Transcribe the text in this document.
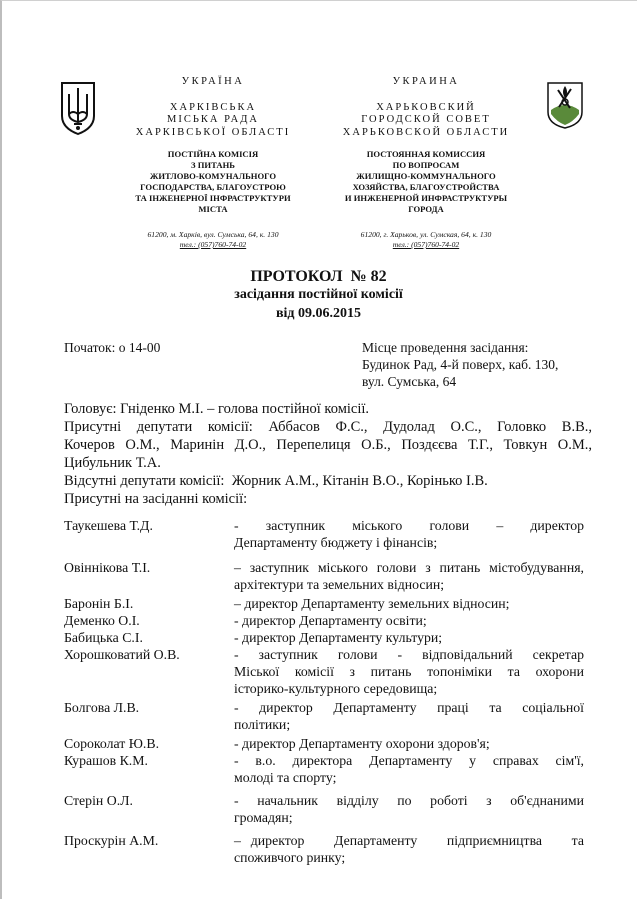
УКРАЇНА
ХАРКІВСЬКА
МІСЬКА РАДА
ХАРКІВСЬКОЇ ОБЛАСТІ
ПОСТІЙНА КОМІСІЯ
З ПИТАНЬ
ЖИТЛОВО-КОМУНАЛЬНОГО
ГОСПОДАРСТВА, БЛАГОУСТРОЮ
ТА ІНЖЕНЕРНОЇ ІНФРАСТРУКТУРИ
МІСТА
61200, м. Харків, вул. Сумська, 64, к. 130
тел.: (057)760-74-02
УКРАИНА
ХАРЬКОВСКИЙ
ГОРОДСКОЙ СОВЕТ
ХАРЬКОВСКОЙ ОБЛАСТИ
ПОСТОЯННАЯ КОМИССИЯ
ПО ВОПРОСАМ
ЖИЛИЩНО-КОММУНАЛЬНОГО
ХОЗЯЙСТВА, БЛАГОУСТРОЙСТВА
И ИНЖЕНЕРНОЙ ИНФРАСТРУКТУРЫ
ГОРОДА
61200, г. Харьков, ул. Сумская, 64, к. 130
тел.: (057)760-74-02
ПРОТОКОЛ  № 82
засідання постійної комісії
від 09.06.2015
Початок: о 14-00	Місце проведення засідання:
Будинок Рад, 4-й поверх, каб. 130,
вул. Сумська, 64
Головує: Гніденко М.І. – голова постійної комісії.
Присутні депутати комісії: Аббасов Ф.С., Дудолад О.С., Головко В.В.,
Кочеров О.М., Маринін Д.О., Перепелиця О.Б., Поздєєва Т.Г., Товкун О.М.,
Цибульник Т.А.
Відсутні депутати комісії:  Жорник А.М., Кітанін В.О., Корінько І.В.
Присутні на засіданні комісії:
Таукешева Т.Д.	-   заступник   міського   голови   –   директор
Департаменту бюджету і фінансів;
Овіннікова Т.І.	– заступник міського голови з питань містобудування,
архітектури та земельних відносин;
Баронін Б.І.	– директор Департаменту земельних відносин;
Деменко О.І.	- директор Департаменту освіти;
Бабицька С.І.	- директор Департаменту культури;
Хорошковатий О.В.	-  заступник  голови  -  відповідальний  секретар
Міської комісії з питань топоніміки та охорони
історико-культурного середовища;
Болгова Л.В.	-   директор   Департаменту   праці   та   соціальної
політики;
Сороколат Ю.В.	- директор Департаменту охорони здоров'я;
Курашов К.М.	- в.о. директора Департаменту у справах сім'ї,
молоді та спорту;
Стерін О.Л.	-  начальник  відділу  по  роботі  з  об'єднаними
громадян;
Проскурін А.М.	– директор   Департаменту   підприємництва   та
споживчого ринку;
